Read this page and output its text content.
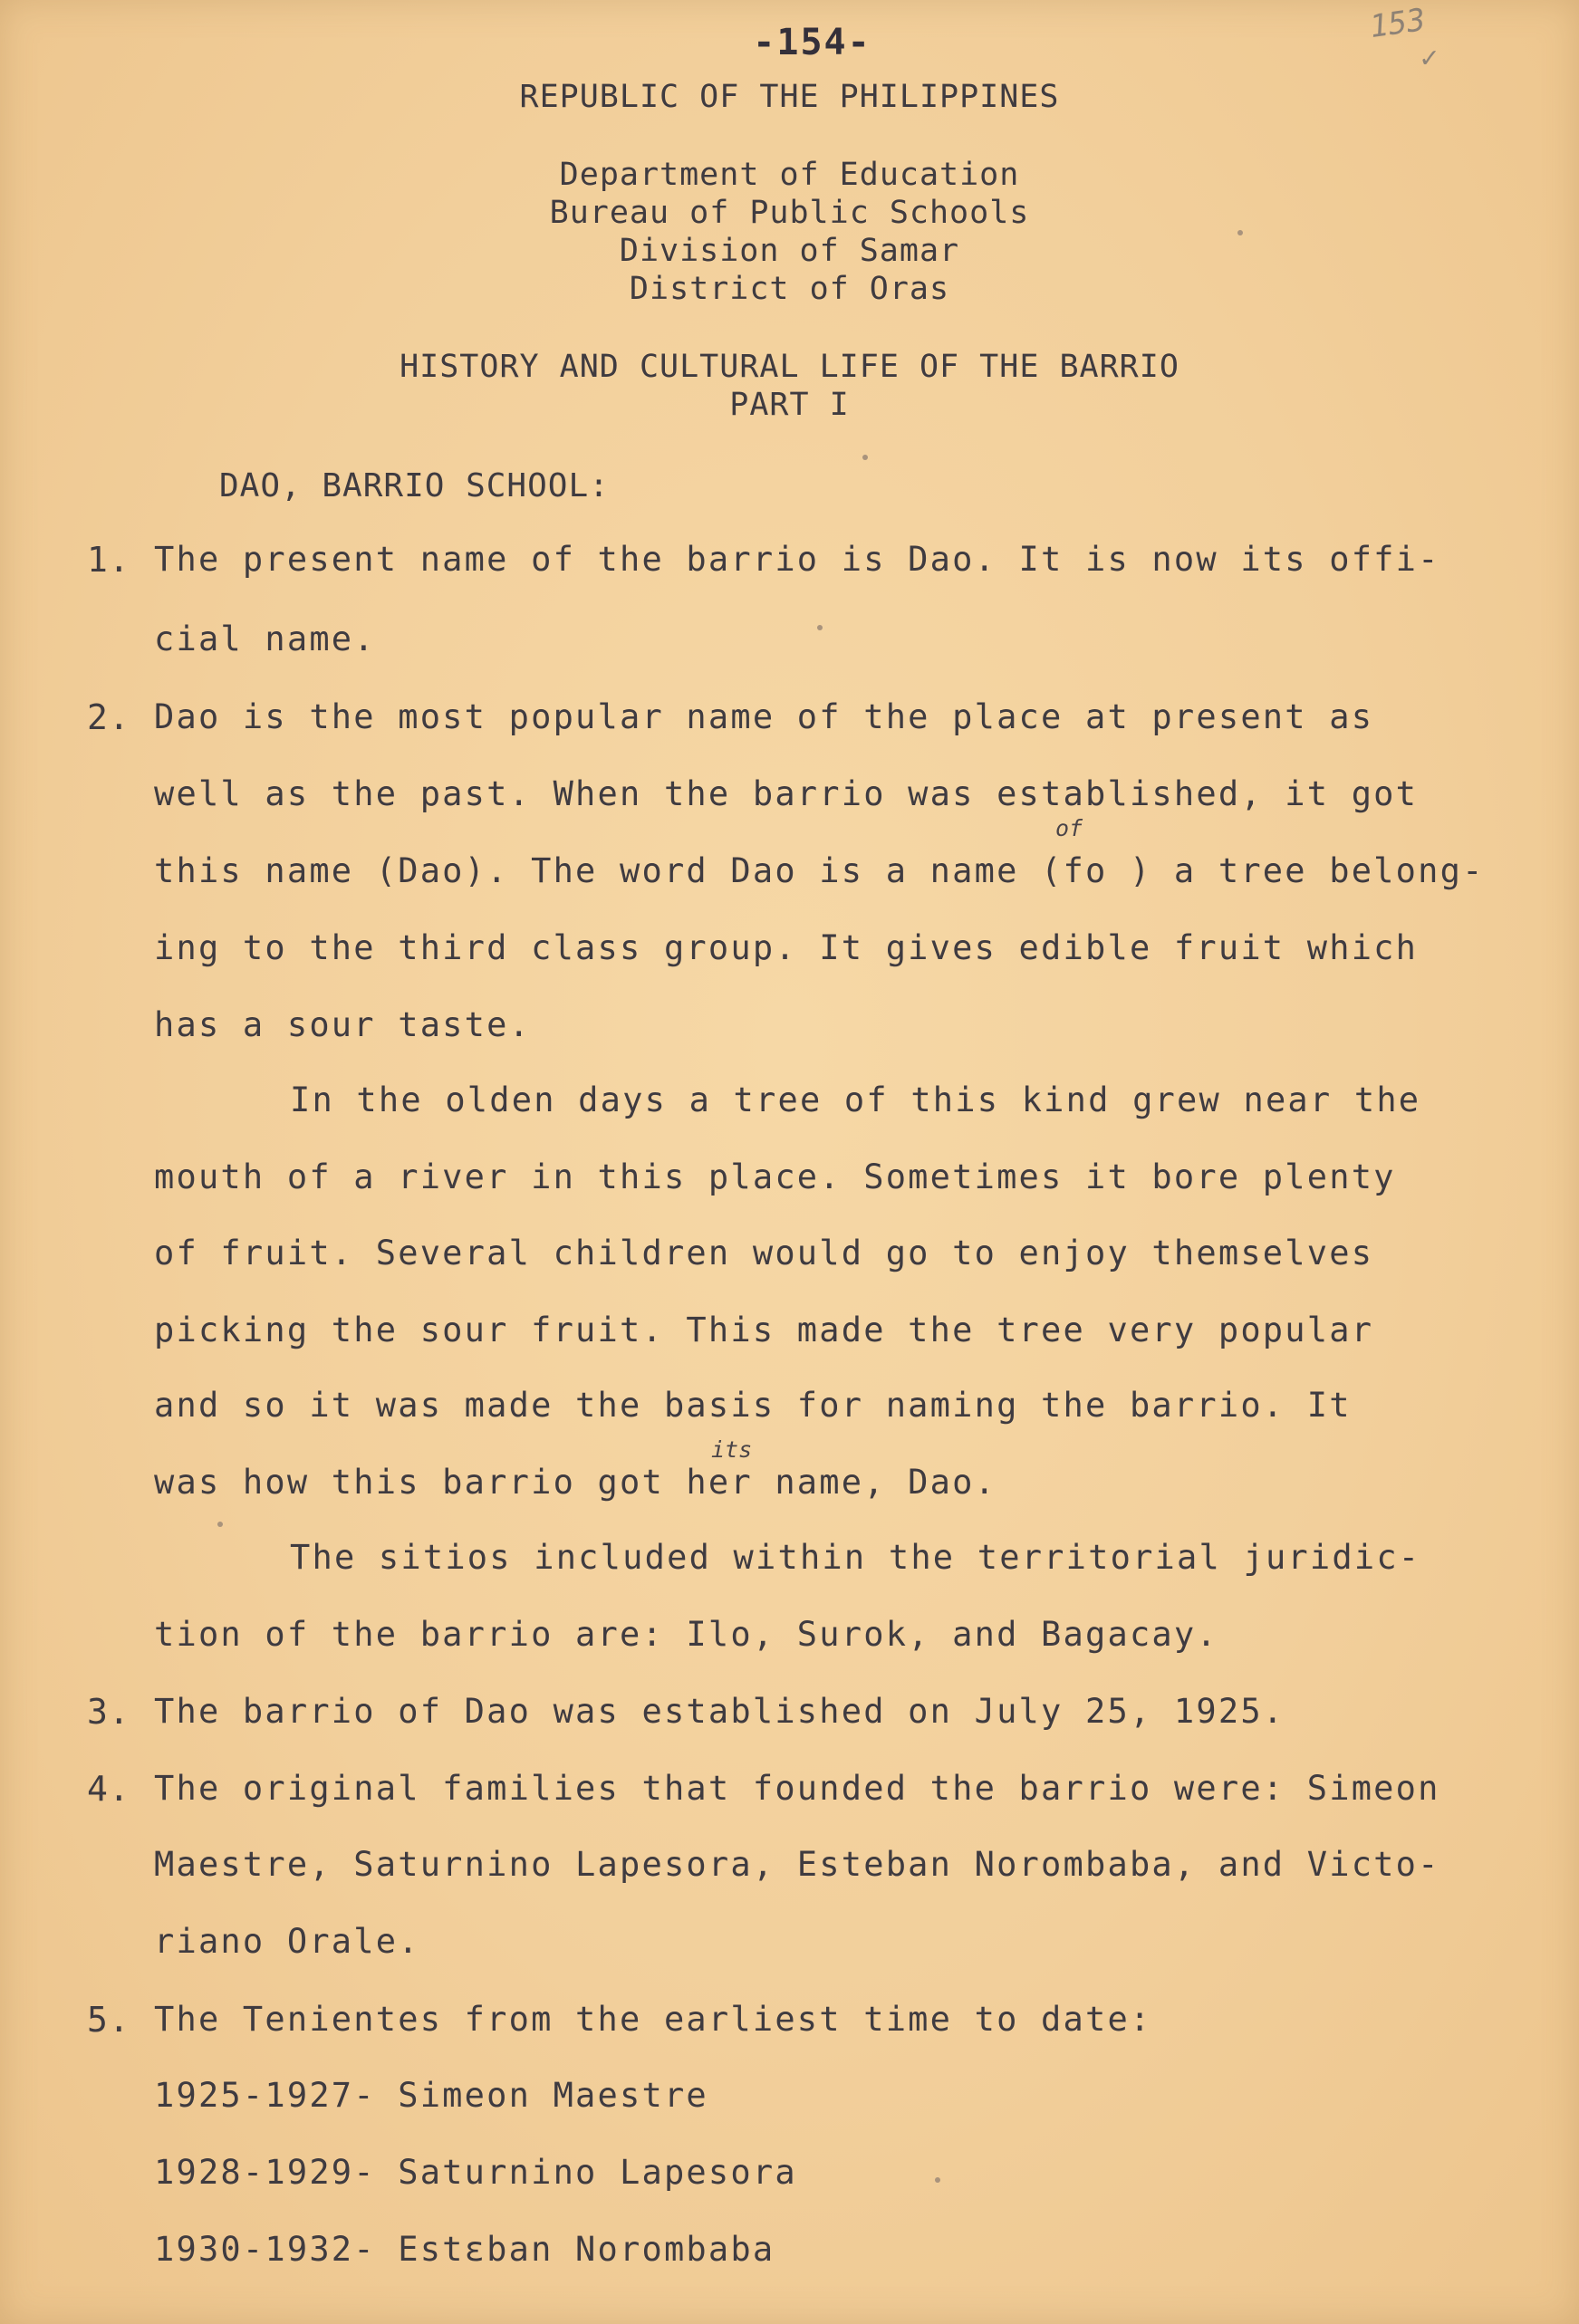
-154-	153
✓
REPUBLIC OF THE PHILIPPINES
Department of Education
Bureau of Public Schools
Division of Samar
District of Oras
HISTORY AND CULTURAL LIFE OF THE BARRIO
PART I
DAO, BARRIO SCHOOL:
1. The present name of the barrio is Dao. It is now its offi-
cial name.
2. Dao is the most popular name of the place at present as
well as the past. When the barrio was established, it got
of
this name (Dao). The word Dao is a name (fo ) a tree belong-
ing to the third class group. It gives edible fruit which
has a sour taste.
In the olden days a tree of this kind grew near the
mouth of a river in this place. Sometimes it bore plenty
of fruit. Several children would go to enjoy themselves
picking the sour fruit. This made the tree very popular
and so it was made the basis for naming the barrio. It
its
was how this barrio got her name, Dao.
The sitios included within the territorial juridic-
tion of the barrio are: Ilo, Surok, and Bagacay.
3. The barrio of Dao was established on July 25, 1925.
4. The original families that founded the barrio were: Simeon
Maestre, Saturnino Lapesora, Esteban Norombaba, and Victo-
riano Orale.
5. The Tenientes from the earliest time to date:
1925-1927- Simeon Maestre
1928-1929- Saturnino Lapesora
1930-1932- Estεban Norombaba
